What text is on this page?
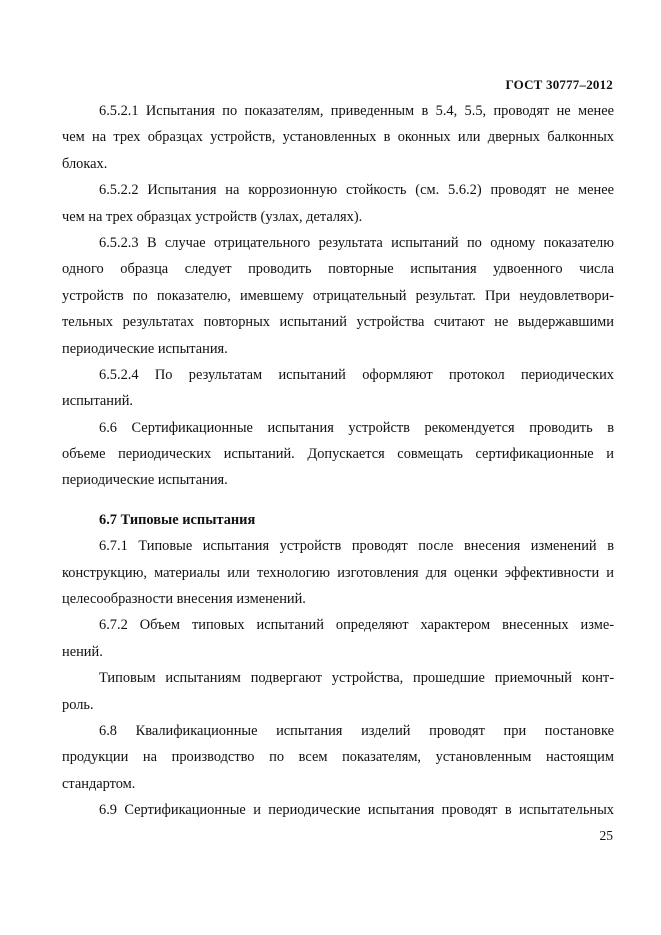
ГОСТ 30777–2012
6.5.2.1 Испытания по показателям, приведенным в 5.4, 5.5, проводят не менее
чем на трех образцах устройств, установленных в оконных или дверных балконных
блоках.
6.5.2.2 Испытания на коррозионную стойкость (см. 5.6.2) проводят не менее
чем на трех образцах устройств (узлах, деталях).
6.5.2.3 В случае отрицательного результата испытаний по одному показателю
одного образца следует проводить повторные испытания удвоенного числа
устройств по показателю, имевшему отрицательный результат. При неудовлетвори-
тельных результатах повторных испытаний устройства считают не выдержавшими
периодические испытания.
6.5.2.4 По результатам испытаний оформляют протокол периодических
испытаний.
6.6 Сертификационные испытания устройств рекомендуется проводить в
объеме периодических испытаний. Допускается совмещать сертификационные и
периодические испытания.
6.7 Типовые испытания
6.7.1 Типовые испытания устройств проводят после внесения изменений в
конструкцию, материалы или технологию изготовления для оценки эффективности и
целесообразности внесения изменений.
6.7.2 Объем типовых испытаний определяют характером внесенных изме-
нений.
Типовым испытаниям подвергают устройства, прошедшие приемочный конт-
роль.
6.8 Квалификационные испытания изделий проводят при постановке
продукции на производство по всем показателям, установленным настоящим
стандартом.
6.9 Сертификационные и периодические испытания проводят в испытательных
25
